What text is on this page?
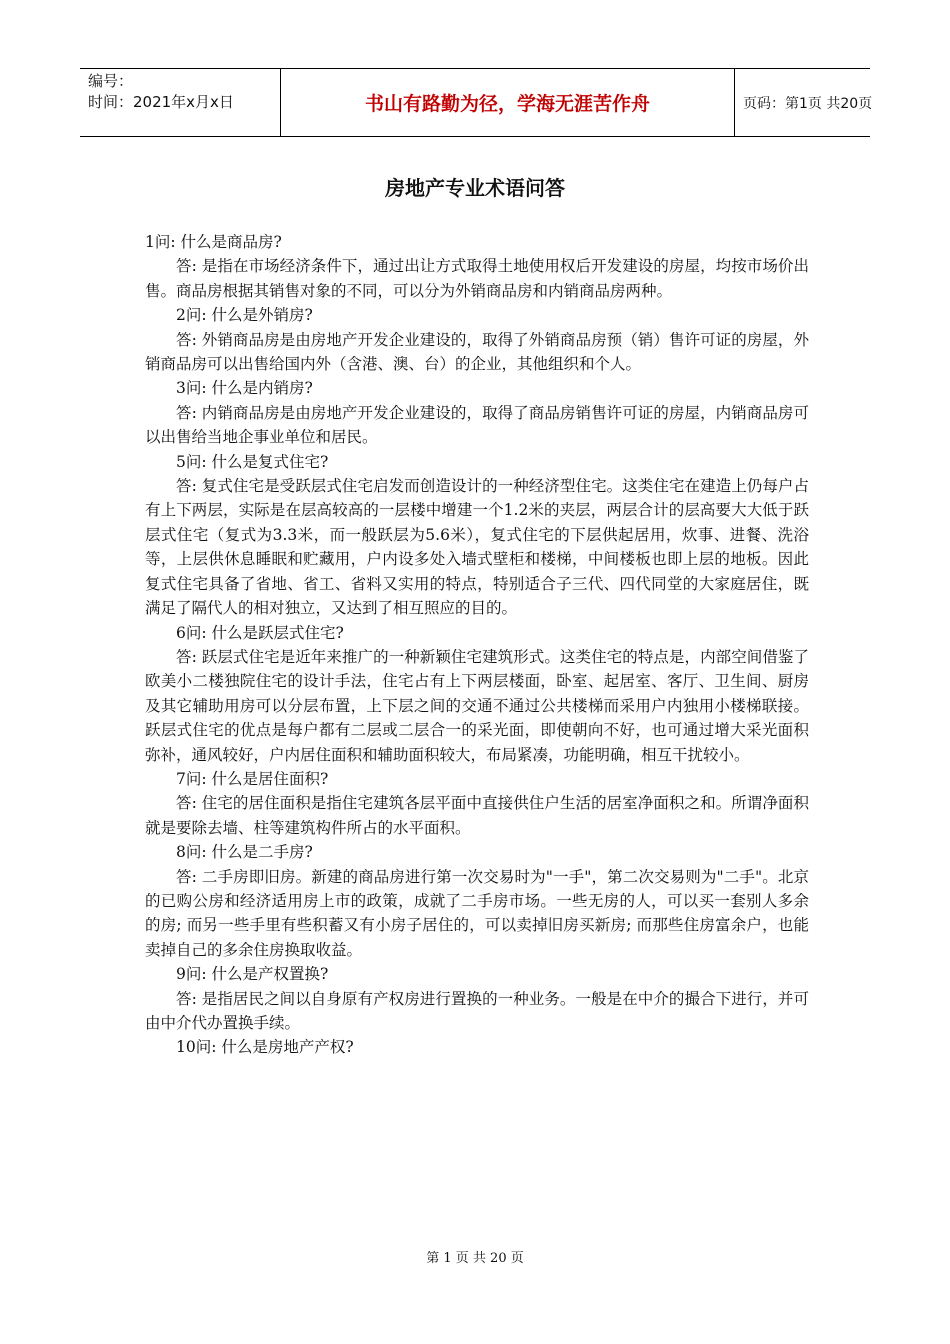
编号：
时间：2021年x月x日	书山有路勤为径，学海无涯苦作舟	页码：第1页 共20页
房地产专业术语问答

1问: 什么是商品房?

答: 是指在市场经济条件下，通过出让方式取得土地使用权后开发建设的房屋，均按市场价出售。商品房根据其销售对象的不同，可以分为外销商品房和内销商品房两种。

2问: 什么是外销房?

答: 外销商品房是由房地产开发企业建设的，取得了外销商品房预（销）售许可证的房屋，外销商品房可以出售给国内外（含港、澳、台）的企业，其他组织和个人。

3问: 什么是内销房?

答: 内销商品房是由房地产开发企业建设的，取得了商品房销售许可证的房屋，内销商品房可以出售给当地企事业单位和居民。

5问: 什么是复式住宅?

答: 复式住宅是受跃层式住宅启发而创造设计的一种经济型住宅。这类住宅在建造上仍每户占有上下两层，实际是在层高较高的一层楼中增建一个1.2米的夹层，两层合计的层高要大大低于跃层式住宅（复式为3.3米，而一般跃层为5.6米），复式住宅的下层供起居用，炊事、进餐、洗浴等，上层供休息睡眠和贮藏用，户内设多处入墙式壁柜和楼梯，中间楼板也即上层的地板。因此复式住宅具备了省地、省工、省料又实用的特点，特别适合子三代、四代同堂的大家庭居住，既满足了隔代人的相对独立，又达到了相互照应的目的。

6问: 什么是跃层式住宅?

答: 跃层式住宅是近年来推广的一种新颖住宅建筑形式。这类住宅的特点是，内部空间借鉴了欧美小二楼独院住宅的设计手法，住宅占有上下两层楼面，卧室、起居室、客厅、卫生间、厨房及其它辅助用房可以分层布置，上下层之间的交通不通过公共楼梯而采用户内独用小楼梯联接。跃层式住宅的优点是每户都有二层或二层合一的采光面，即使朝向不好，也可通过增大采光面积弥补，通风较好，户内居住面积和辅助面积较大，布局紧凑，功能明确，相互干扰较小。

7问: 什么是居住面积?

答: 住宅的居住面积是指住宅建筑各层平面中直接供住户生活的居室净面积之和。所谓净面积就是要除去墙、柱等建筑构件所占的水平面积。

8问: 什么是二手房?

答: 二手房即旧房。新建的商品房进行第一次交易时为"一手"，第二次交易则为"二手"。北京的已购公房和经济适用房上市的政策，成就了二手房市场。一些无房的人，可以买一套别人多余的房; 而另一些手里有些积蓄又有小房子居住的，可以卖掉旧房买新房; 而那些住房富余户，也能卖掉自己的多余住房换取收益。

9问: 什么是产权置换?

答: 是指居民之间以自身原有产权房进行置换的一种业务。一般是在中介的撮合下进行，并可由中介代办置换手续。

10问: 什么是房地产产权?

第 1 页 共 20 页
